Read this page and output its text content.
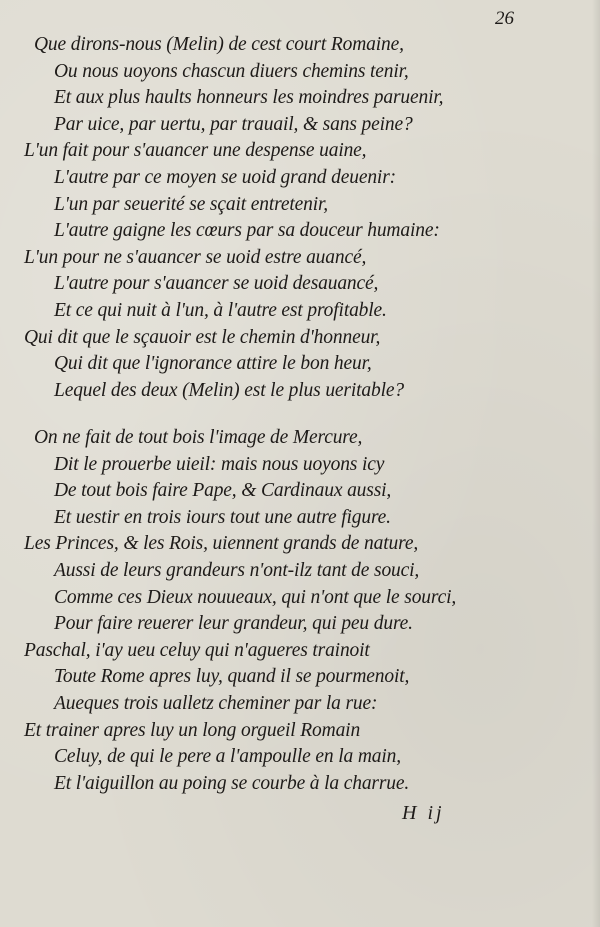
26
Que dirons-nous (Melin) de cest court Romaine,
Ou nous uoyons chascun diuers chemins tenir,
Et aux plus haults honneurs les moindres paruenir,
Par uice, par uertu, par trauail, & sans peine?
L'un fait pour s'auancer une despense uaine,
L'autre par ce moyen se uoid grand deuenir:
L'un par seuerité se sçait entretenir,
L'autre gaigne les cœurs par sa douceur humaine:
L'un pour ne s'auancer se uoid estre auancé,
L'autre pour s'auancer se uoid desauancé,
Et ce qui nuit à l'un, à l'autre est profitable.
Qui dit que le sçauoir est le chemin d'honneur,
Qui dit que l'ignorance attire le bon heur,
Lequel des deux (Melin) est le plus ueritable?
On ne fait de tout bois l'image de Mercure,
Dit le prouerbe uieil: mais nous uoyons icy
De tout bois faire Pape, & Cardinaux aussi,
Et uestir en trois iours tout une autre figure.
Les Princes, & les Rois, uiennent grands de nature,
Aussi de leurs grandeurs n'ont-ilz tant de souci,
Comme ces Dieux nouueaux, qui n'ont que le sourci,
Pour faire reuerer leur grandeur, qui peu dure.
Paschal, i'ay ueu celuy qui n'agueres trainoit
Toute Rome apres luy, quand il se pourmenoit,
Aueques trois ualletz cheminer par la rue:
Et trainer apres luy un long orgueil Romain
Celuy, de qui le pere a l'ampoulle en la main,
Et l'aiguillon au poing se courbe à la charrue.
H ij
